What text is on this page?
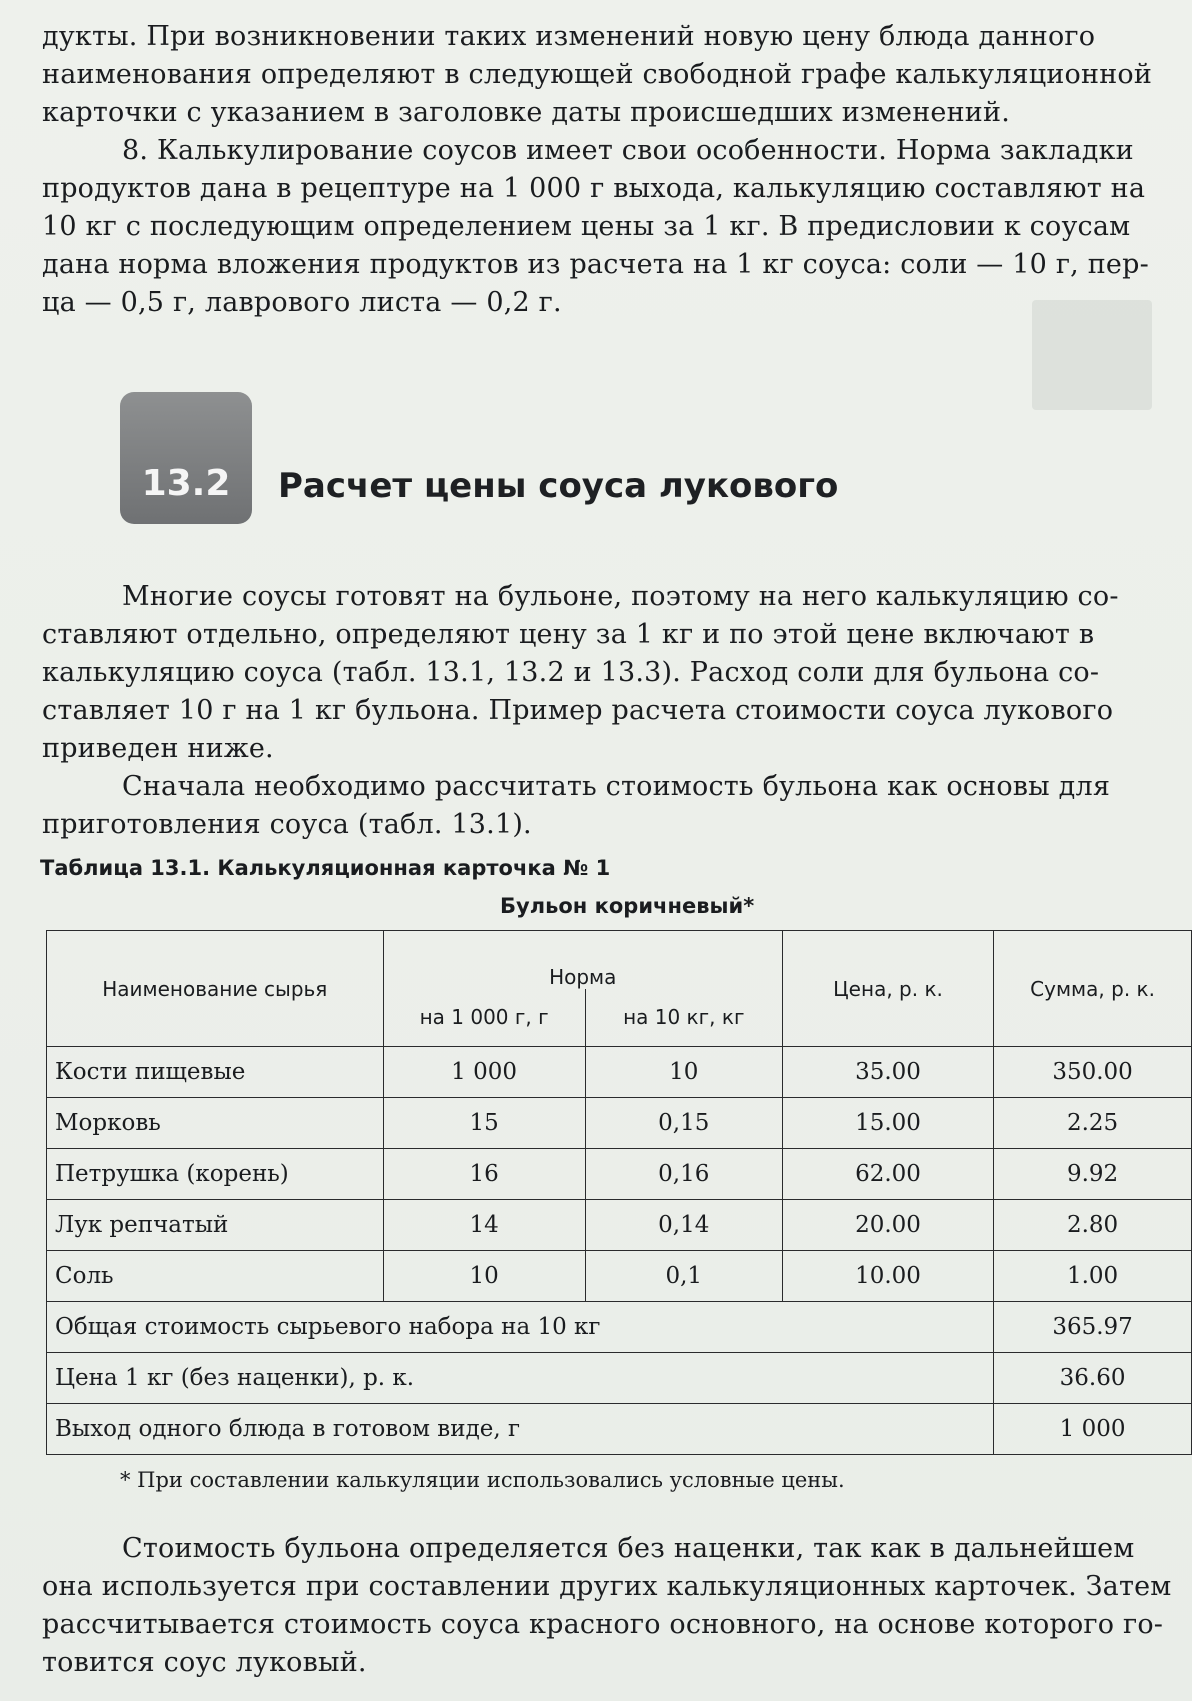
дукты. При возникновении таких изменений новую цену блюда данного
наименования определяют в следующей свободной графе калькуляционной
карточки с указанием в заголовке даты происшедших изменений.
8. Калькулирование соусов имеет свои особенности. Норма закладки
продуктов дана в рецептуре на 1 000 г выхода, калькуляцию составляют на
10 кг с последующим определением цены за 1 кг. В предисловии к соусам
дана норма вложения продуктов из расчета на 1 кг соуса: соли — 10 г, пер-
ца — 0,5 г, лаврового листа — 0,2 г.
13.2	Расчет цены соуса лукового
Многие соусы готовят на бульоне, поэтому на него калькуляцию со-
ставляют отдельно, определяют цену за 1 кг и по этой цене включают в
калькуляцию соуса (табл. 13.1, 13.2 и 13.3). Расход соли для бульона со-
ставляет 10 г на 1 кг бульона. Пример расчета стоимости соуса лукового
приведен ниже.
Сначала необходимо рассчитать стоимость бульона как основы для
приготовления соуса (табл. 13.1).
Таблица 13.1. Калькуляционная карточка № 1
Бульон коричневый*
Наименование сырья	Норма		Цена, р. к.	Сумма, р. к.
	на 1 000 г, г	на 10 кг, кг		
Кости пищевые	1 000	10	35.00	350.00
Морковь	15	0,15	15.00	2.25
Петрушка (корень)	16	0,16	62.00	9.92
Лук репчатый	14	0,14	20.00	2.80
Соль	10	0,1	10.00	1.00
Общая стоимость сырьевого набора на 10 кг				365.97
Цена 1 кг (без наценки), р. к.				36.60
Выход одного блюда в готовом виде, г				1 000
* При составлении калькуляции использовались условные цены.
Стоимость бульона определяется без наценки, так как в дальнейшем
она используется при составлении других калькуляционных карточек. Затем
рассчитывается стоимость соуса красного основного, на основе которого го-
товится соус луковый.
